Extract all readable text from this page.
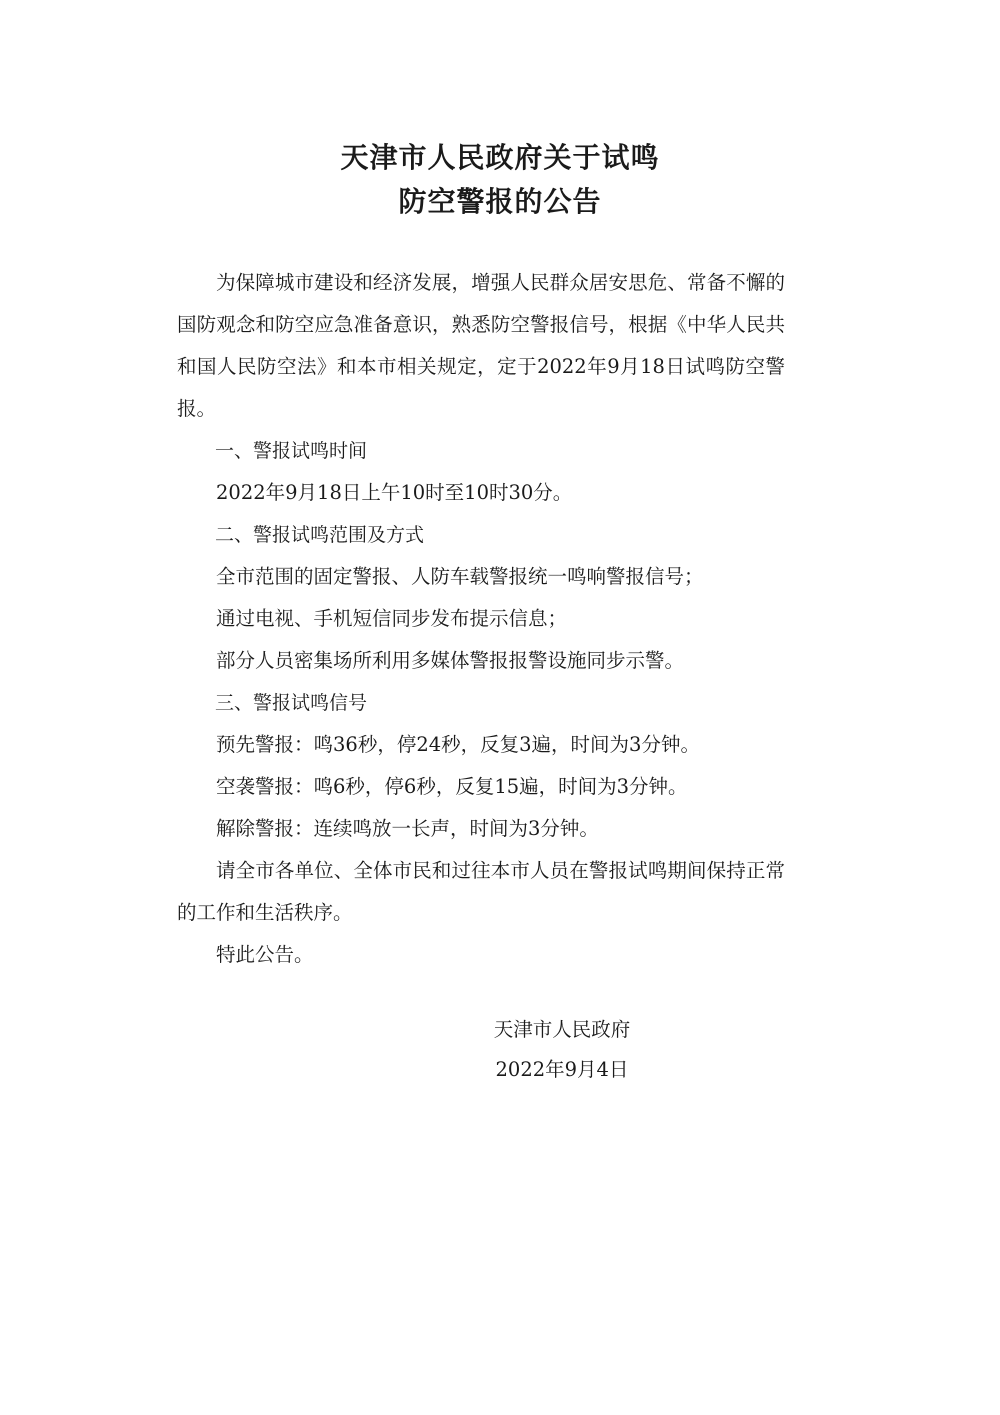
天津市人民政府关于试鸣
防空警报的公告

为保障城市建设和经济发展，增强人民群众居安思危、常备不懈的国防观念和防空应急准备意识，熟悉防空警报信号，根据《中华人民共和国人民防空法》和本市相关规定，定于2022年9月18日试鸣防空警报。

一、警报试鸣时间

2022年9月18日上午10时至10时30分。

二、警报试鸣范围及方式

全市范围的固定警报、人防车载警报统一鸣响警报信号；

通过电视、手机短信同步发布提示信息；

部分人员密集场所利用多媒体警报报警设施同步示警。

三、警报试鸣信号

预先警报：鸣36秒，停24秒，反复3遍，时间为3分钟。

空袭警报：鸣6秒，停6秒，反复15遍，时间为3分钟。

解除警报：连续鸣放一长声，时间为3分钟。

请全市各单位、全体市民和过往本市人员在警报试鸣期间保持正常的工作和生活秩序。

特此公告。

天津市人民政府
2022年9月4日
